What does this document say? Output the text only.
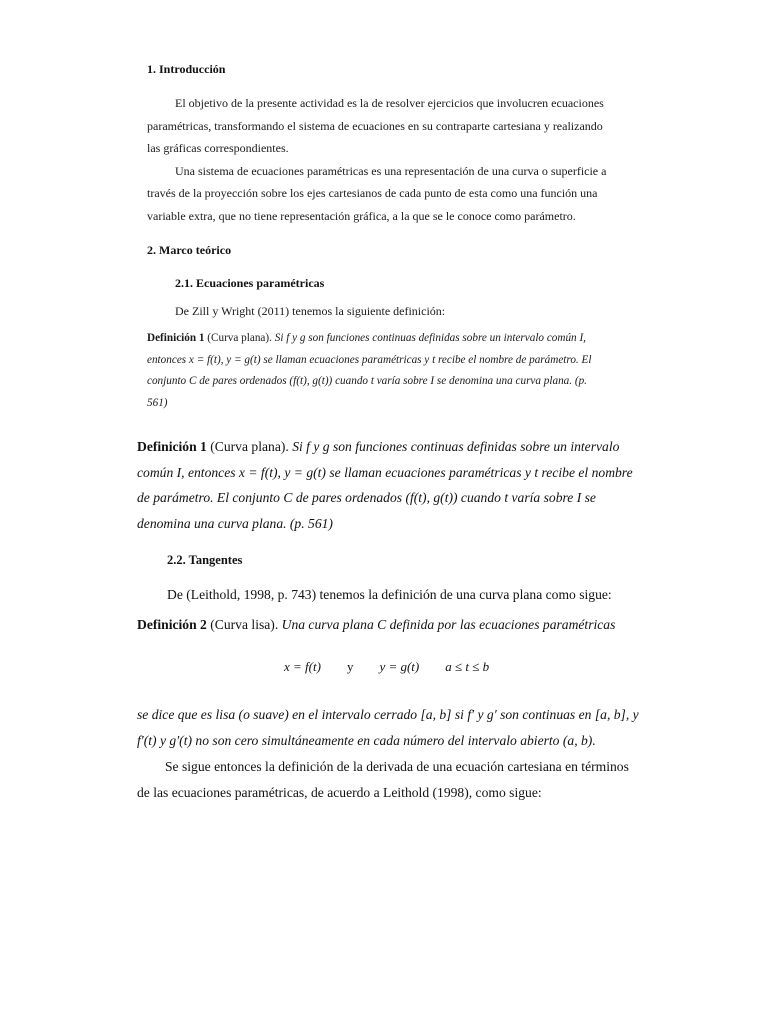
1. Introducción

El objetivo de la presente actividad es la de resolver ejercicios que involucren ecuaciones paramétricas, transformando el sistema de ecuaciones en su contraparte cartesiana y realizando las gráficas correspondientes.

Una sistema de ecuaciones paramétricas es una representación de una curva o superficie a través de la proyección sobre los ejes cartesianos de cada punto de esta como una función una variable extra, que no tiene representación gráfica, a la que se le conoce como parámetro.

2. Marco teórico
2.1. Ecuaciones paramétricas
De Zill y Wright (2011) tenemos la siguiente definición:
Definición 1 (Curva plana). Si f y g son funciones continuas definidas sobre un intervalo común I, entonces x = f(t), y = g(t) se llaman ecuaciones paramétricas y t recibe el nombre de parámetro. El conjunto C de pares ordenados (f(t), g(t)) cuando t varía sobre I se denomina una curva plana. (p. 561)
Definición 1 (Curva plana). Si f y g son funciones continuas definidas sobre un intervalo común I, entonces x = f(t), y = g(t) se llaman ecuaciones paramétricas y t recibe el nombre de parámetro. El conjunto C de pares ordenados (f(t), g(t)) cuando t varía sobre I se denomina una curva plana. (p. 561)
2.2. Tangentes
De (Leithold, 1998, p. 743) tenemos la definición de una curva plana como sigue:
Definición 2 (Curva lisa). Una curva plana C definida por las ecuaciones paramétricas
x = f(t) y y = g(t) a ≤ t ≤ b
se dice que es lisa (o suave) en el intervalo cerrado [a, b] si f′ y g′ son continuas en [a, b], y f′(t) y g′(t) no son cero simultáneamente en cada número del intervalo abierto (a, b).
Se sigue entonces la definición de la derivada de una ecuación cartesiana en términos de las ecuaciones paramétricas, de acuerdo a Leithold (1998), como sigue:
